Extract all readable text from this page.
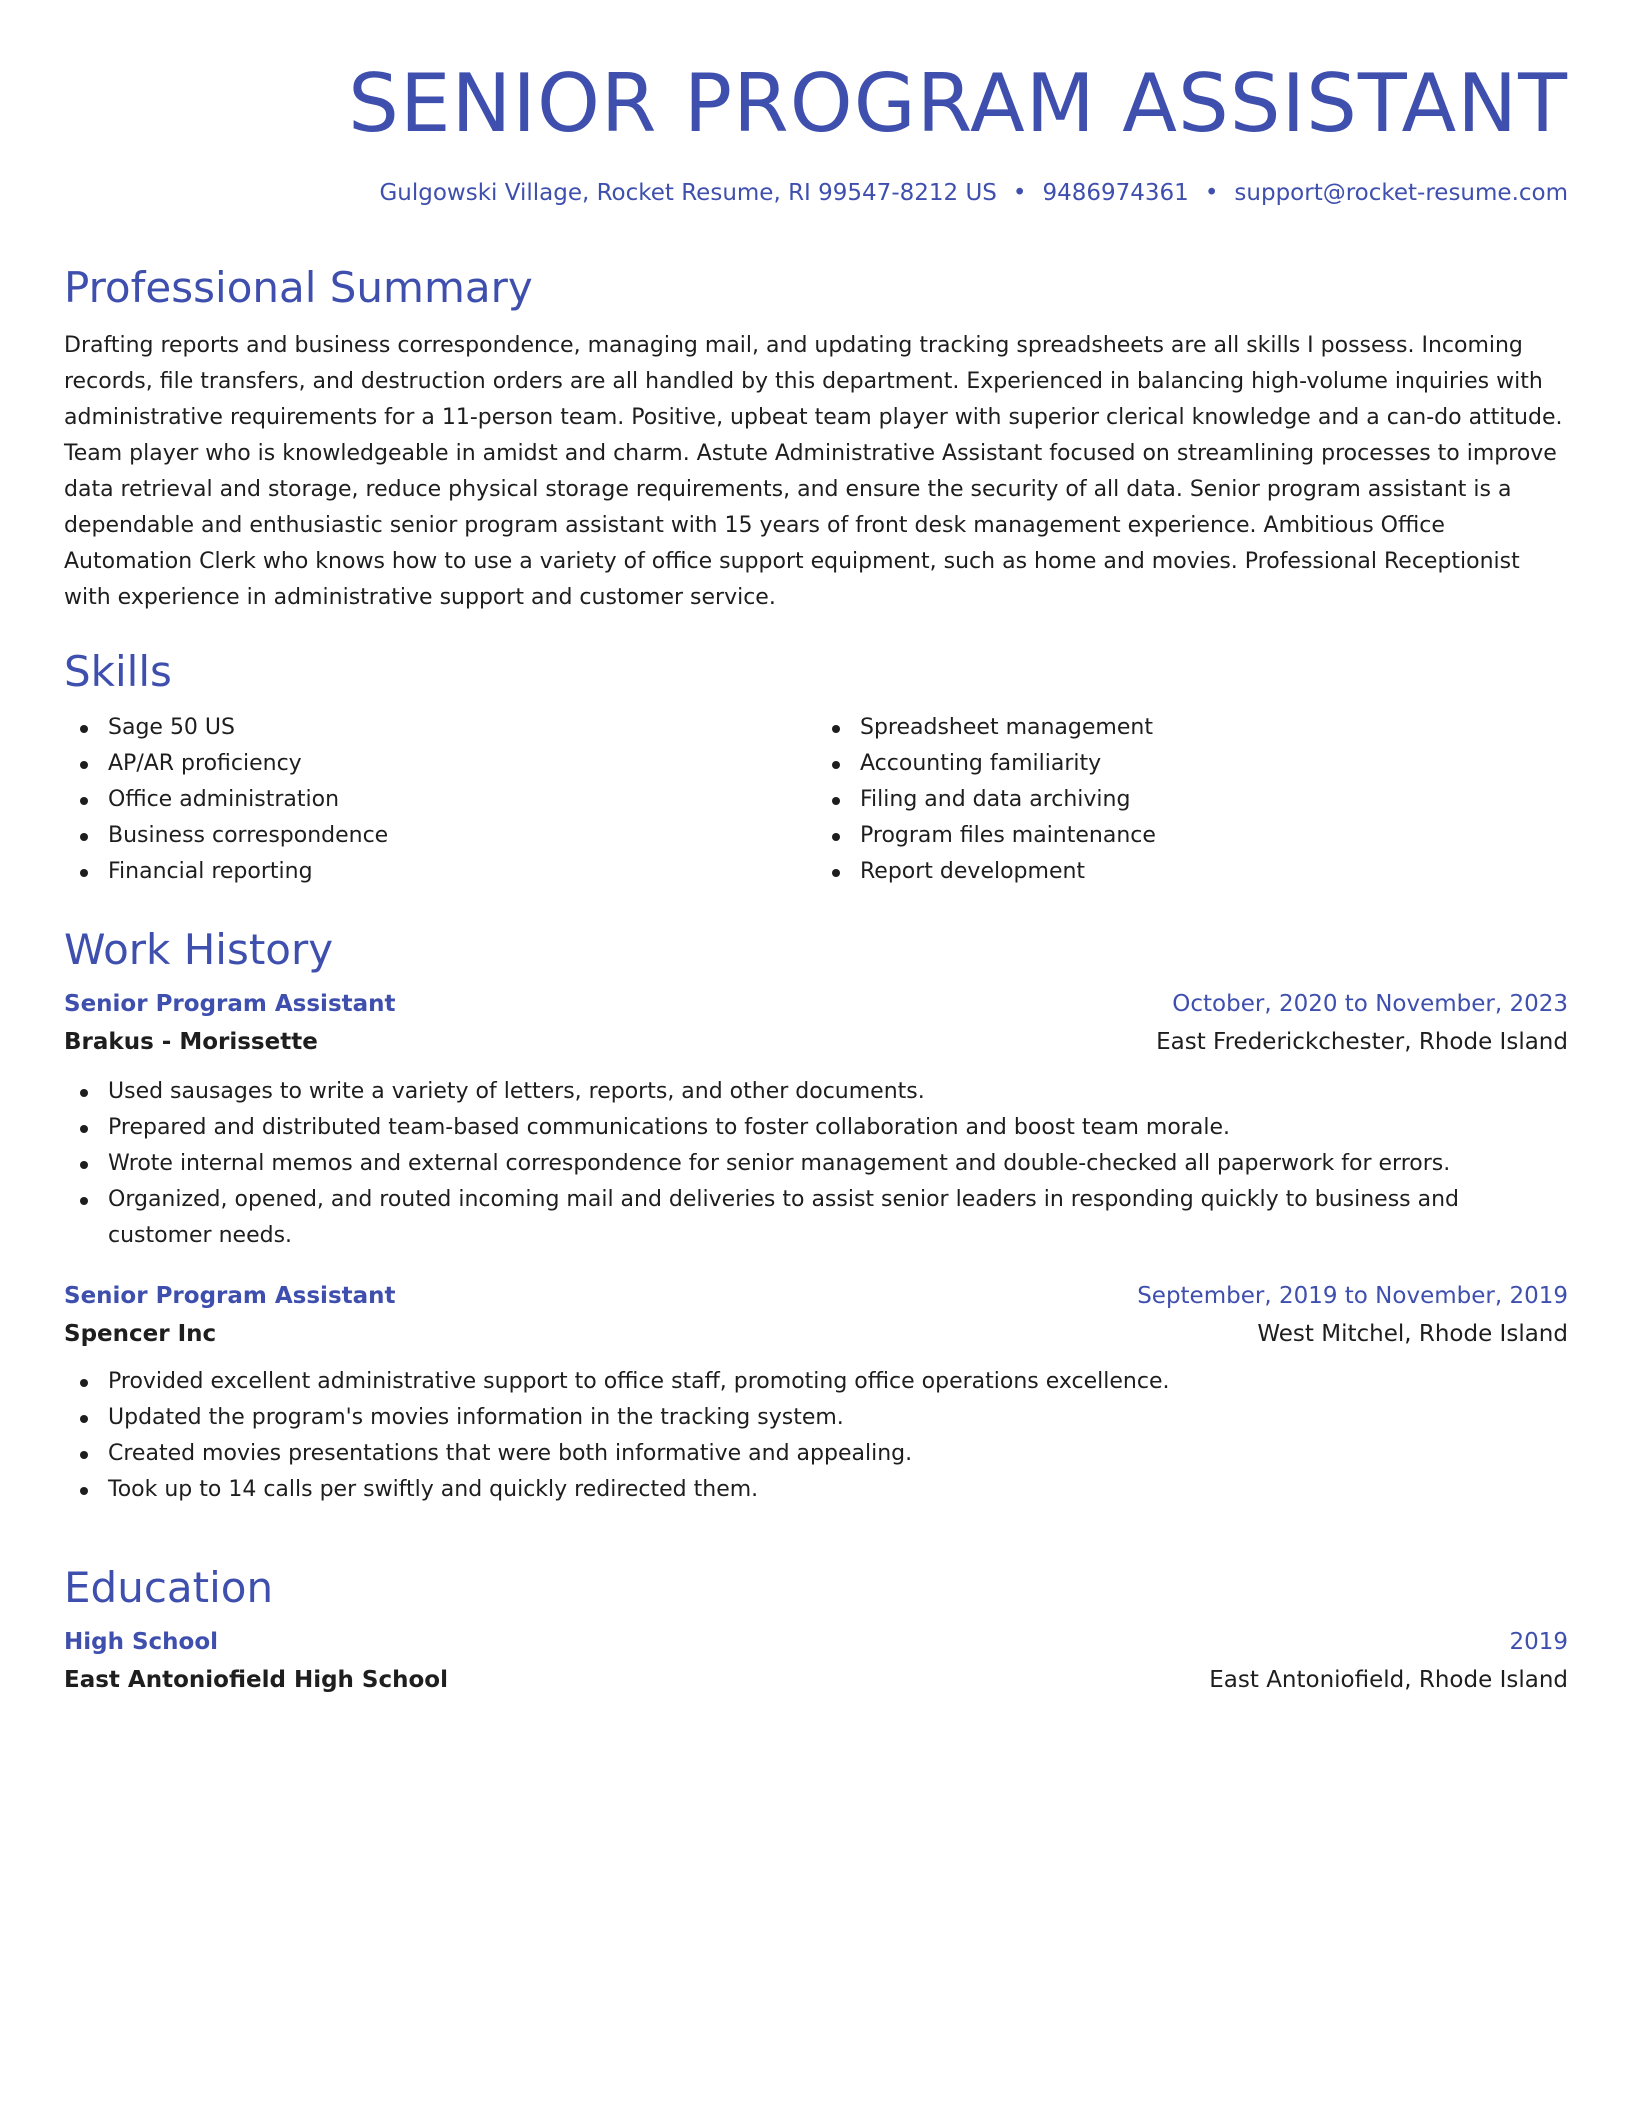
SENIOR PROGRAM ASSISTANT
Gulgowski Village, Rocket Resume, RI 99547-8212 US • 9486974361 • support@rocket-resume.com
Professional Summary

Drafting reports and business correspondence, managing mail, and updating tracking spreadsheets are all skills I possess. Incoming records, file transfers, and destruction orders are all handled by this department. Experienced in balancing high-volume inquiries with administrative requirements for a 11-person team. Positive, upbeat team player with superior clerical knowledge and a can-do attitude. Team player who is knowledgeable in amidst and charm. Astute Administrative Assistant focused on streamlining processes to improve data retrieval and storage, reduce physical storage requirements, and ensure the security of all data. Senior program assistant is a dependable and enthusiastic senior program assistant with 15 years of front desk management experience. Ambitious Office Automation Clerk who knows how to use a variety of office support equipment, such as home and movies. Professional Receptionist with experience in administrative support and customer service.

Skills
Sage 50 US
AP/AR proficiency
Office administration
Business correspondence
Financial reporting
Spreadsheet management
Accounting familiarity
Filing and data archiving
Program files maintenance
Report development
Work History
Senior Program Assistant	October, 2020 to November, 2023
Brakus - Morissette	East Frederickchester, Rhode Island
Used sausages to write a variety of letters, reports, and other documents.
Prepared and distributed team-based communications to foster collaboration and boost team morale.
Wrote internal memos and external correspondence for senior management and double-checked all paperwork for errors.
Organized, opened, and routed incoming mail and deliveries to assist senior leaders in responding quickly to business and customer needs.
Senior Program Assistant	September, 2019 to November, 2019
Spencer Inc	West Mitchel, Rhode Island
Provided excellent administrative support to office staff, promoting office operations excellence.
Updated the program's movies information in the tracking system.
Created movies presentations that were both informative and appealing.
Took up to 14 calls per swiftly and quickly redirected them.
Education
High School	2019
East Antoniofield High School	East Antoniofield, Rhode Island
